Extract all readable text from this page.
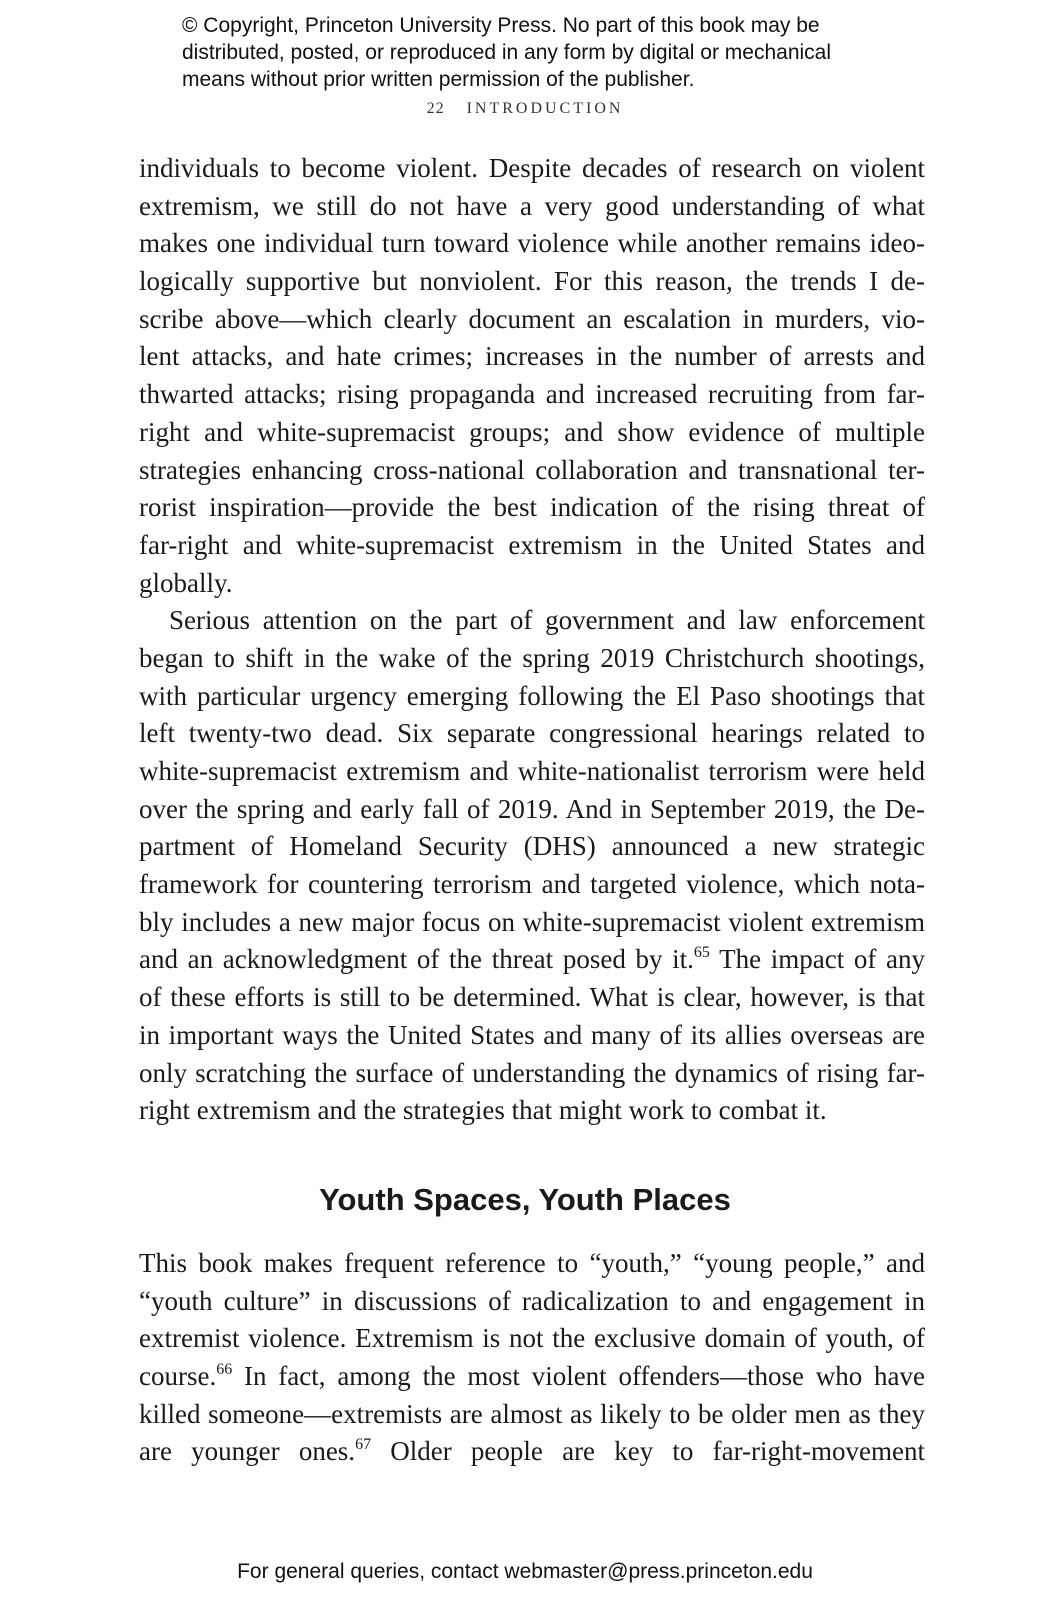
© Copyright, Princeton University Press. No part of this book may be
distributed, posted, or reproduced in any form by digital or mechanical
means without prior written permission of the publisher.
22 INTRODUCTION
individuals to become violent. Despite decades of research on violent
extremism, we still do not have a very good understanding of what
makes one individual turn toward violence while another remains ideo-
logically supportive but nonviolent. For this reason, the trends I de-
scribe above—which clearly document an escalation in murders, vio-
lent attacks, and hate crimes; increases in the number of arrests and
thwarted attacks; rising propaganda and increased recruiting from far-
right and white-supremacist groups; and show evidence of multiple
strategies enhancing cross-national collaboration and transnational ter-
rorist inspiration—provide the best indication of the rising threat of
far-right and white-supremacist extremism in the United States and
globally.
Serious attention on the part of government and law enforcement
began to shift in the wake of the spring 2019 Christchurch shootings,
with particular urgency emerging following the El Paso shootings that
left twenty-two dead. Six separate congressional hearings related to
white-supremacist extremism and white-nationalist terrorism were held
over the spring and early fall of 2019. And in September 2019, the De-
partment of Homeland Security (DHS) announced a new strategic
framework for countering terrorism and targeted violence, which nota-
bly includes a new major focus on white-supremacist violent extremism
and an acknowledgment of the threat posed by it.$^{65}$ The impact of any
of these efforts is still to be determined. What is clear, however, is that
in important ways the United States and many of its allies overseas are
only scratching the surface of understanding the dynamics of rising far-
right extremism and the strategies that might work to combat it.
Youth Spaces, Youth Places
This book makes frequent reference to “youth,” “young people,” and
“youth culture” in discussions of radicalization to and engagement in
extremist violence. Extremism is not the exclusive domain of youth, of
course.$^{66}$ In fact, among the most violent offenders—those who have
killed someone—extremists are almost as likely to be older men as they
are younger ones.$^{67}$ Older people are key to far-right-movement
For general queries, contact webmaster@press.princeton.edu
